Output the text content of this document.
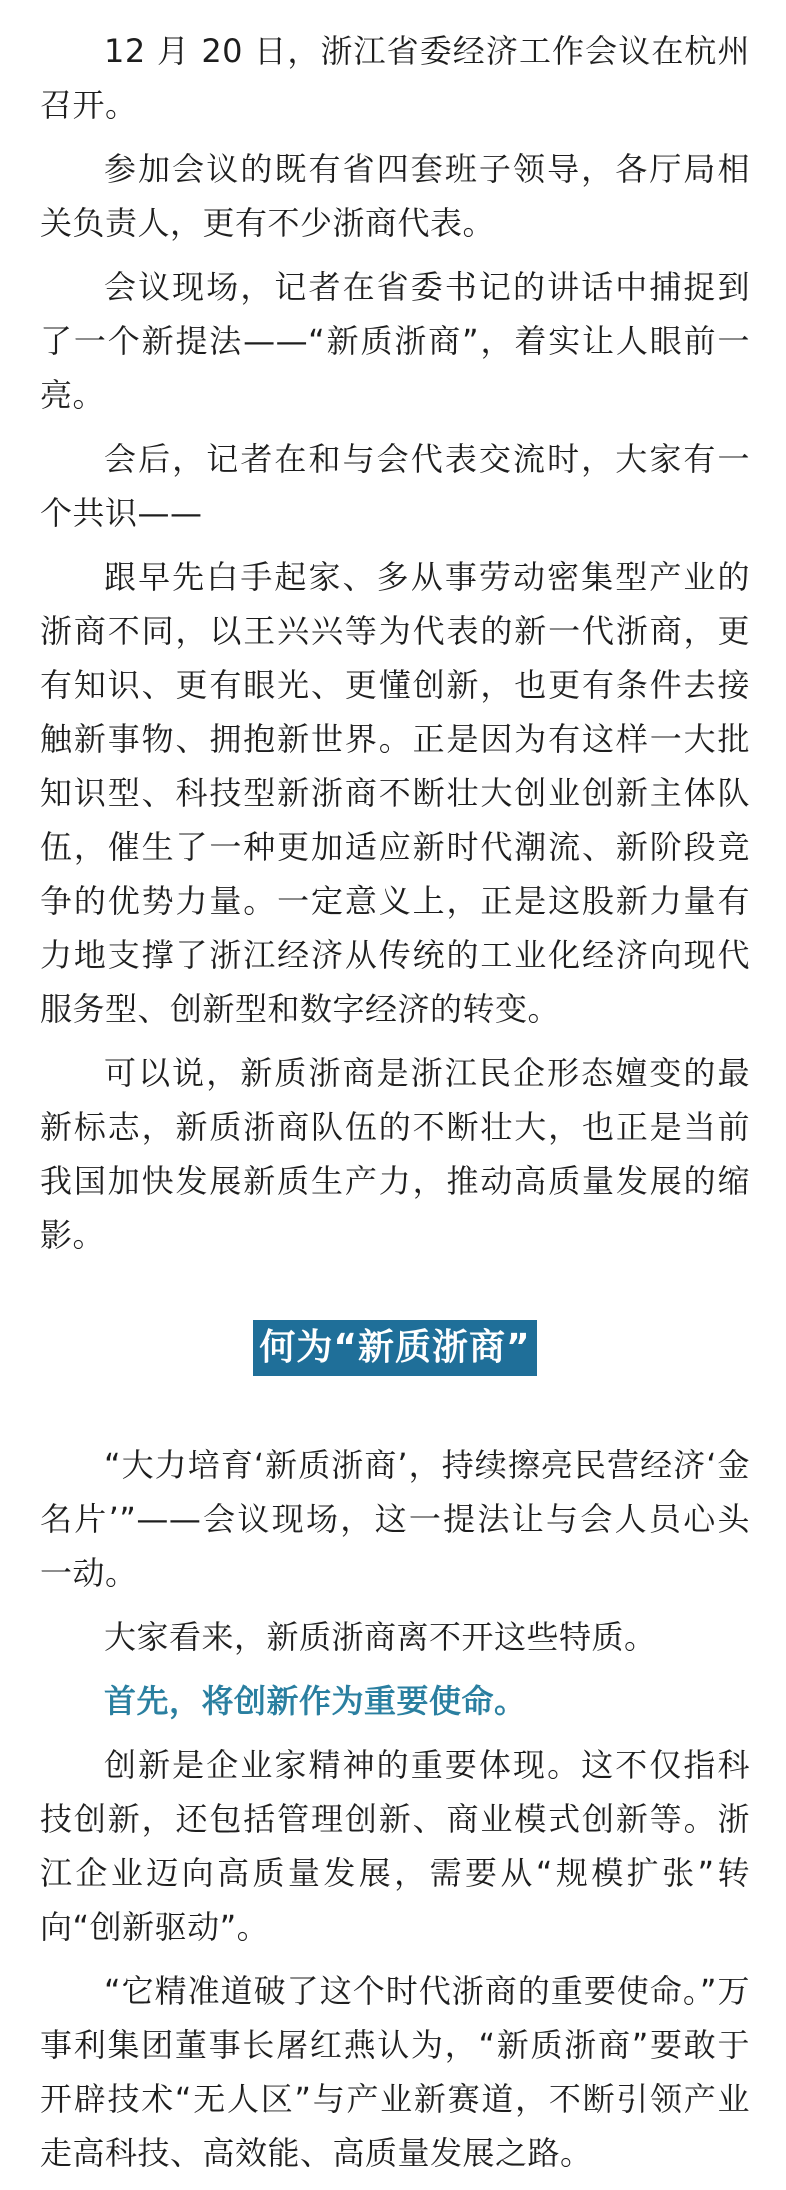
12 月 20 日，浙江省委经济工作会议在杭州召开。

参加会议的既有省四套班子领导，各厅局相关负责人，更有不少浙商代表。

会议现场，记者在省委书记的讲话中捕捉到了一个新提法——“新质浙商”，着实让人眼前一亮。

会后，记者在和与会代表交流时，大家有一个共识——

跟早先白手起家、多从事劳动密集型产业的浙商不同，以王兴兴等为代表的新一代浙商，更有知识、更有眼光、更懂创新，也更有条件去接触新事物、拥抱新世界。正是因为有这样一大批知识型、科技型新浙商不断壮大创业创新主体队伍，催生了一种更加适应新时代潮流、新阶段竞争的优势力量。一定意义上，正是这股新力量有力地支撑了浙江经济从传统的工业化经济向现代服务型、创新型和数字经济的转变。

可以说，新质浙商是浙江民企形态嬗变的最新标志，新质浙商队伍的不断壮大，也正是当前我国加快发展新质生产力，推动高质量发展的缩影。

何为“新质浙商”

“大力培育‘新质浙商’，持续擦亮民营经济‘金名片’”——会议现场，这一提法让与会人员心头一动。

大家看来，新质浙商离不开这些特质。

首先，将创新作为重要使命。

创新是企业家精神的重要体现。这不仅指科技创新，还包括管理创新、商业模式创新等。浙江企业迈向高质量发展，需要从“规模扩张”转向“创新驱动”。

“它精准道破了这个时代浙商的重要使命。”万事利集团董事长屠红燕认为，“新质浙商”要敢于开辟技术“无人区”与产业新赛道，不断引领产业走高科技、高效能、高质量发展之路。
